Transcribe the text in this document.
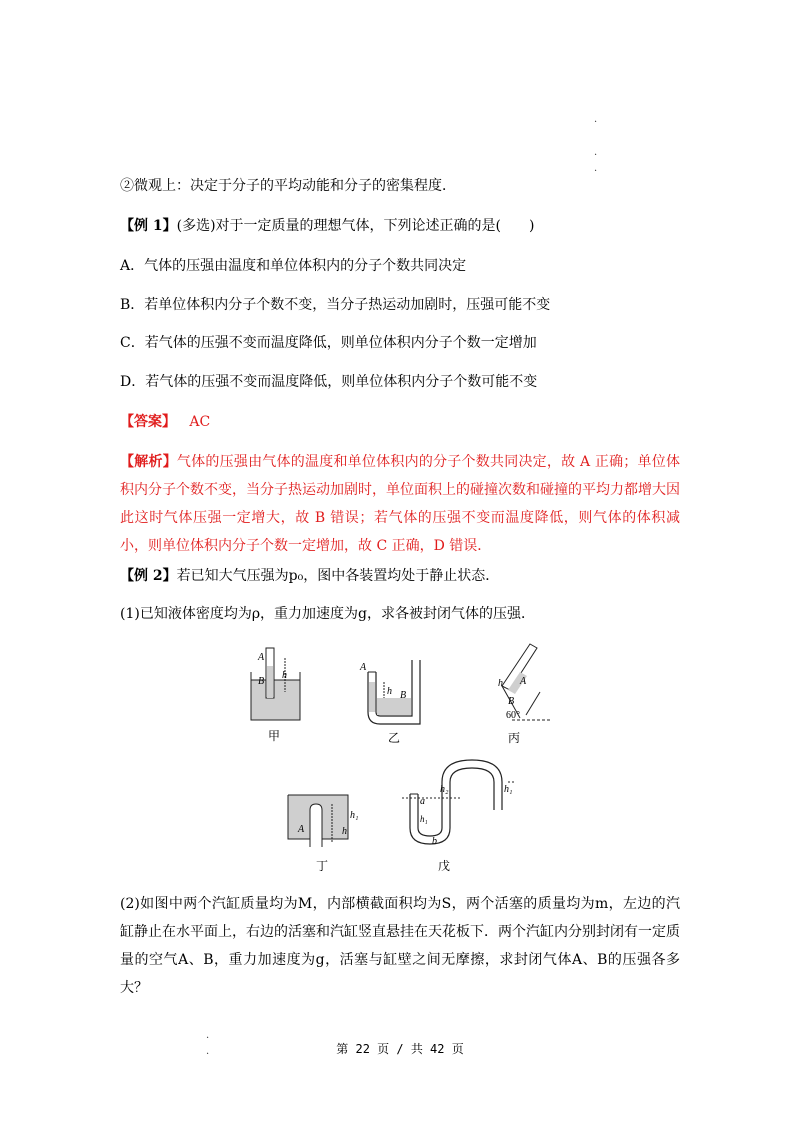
·
·
·
·
·

②微观上：决定于分子的平均动能和分子的密集程度．

【例 1】(多选)对于一定质量的理想气体，下列论述正确的是(　　)

A．气体的压强由温度和单位体积内的分子个数共同决定

B．若单位体积内分子个数不变，当分子热运动加剧时，压强可能不变

C．若气体的压强不变而温度降低，则单位体积内分子个数一定增加

D．若气体的压强不变而温度降低，则单位体积内分子个数可能不变

【答案】 AC

【解析】气体的压强由气体的温度和单位体积内的分子个数共同决定，故 A 正确；单位体积内分子个数不变，当分子热运动加剧时，单位面积上的碰撞次数和碰撞的平均力都增大因此这时气体压强一定增大，故 B 错误；若气体的压强不变而温度降低，则气体的体积减小，则单位体积内分子个数一定增加，故 C 正确，D 错误．

【例 2】若已知大气压强为p₀，图中各装置均处于静止状态．

(1)已知液体密度均为ρ，重力加速度为g，求各被封闭气体的压强．

A
B
h
甲
A
h B
乙
A
B
h
60°
丙
A
h₁
h
丁
a
h₁
b
h₂	h₁
戊
(2)如图中两个汽缸质量均为M，内部横截面积均为S，两个活塞的质量均为m，左边的汽缸静止在水平面上，右边的活塞和汽缸竖直悬挂在天花板下．两个汽缸内分别封闭有一定质量的空气A、B，重力加速度为g，活塞与缸壁之间无摩擦，求封闭气体A、B的压强各多大？
第 22 页 / 共 42 页
